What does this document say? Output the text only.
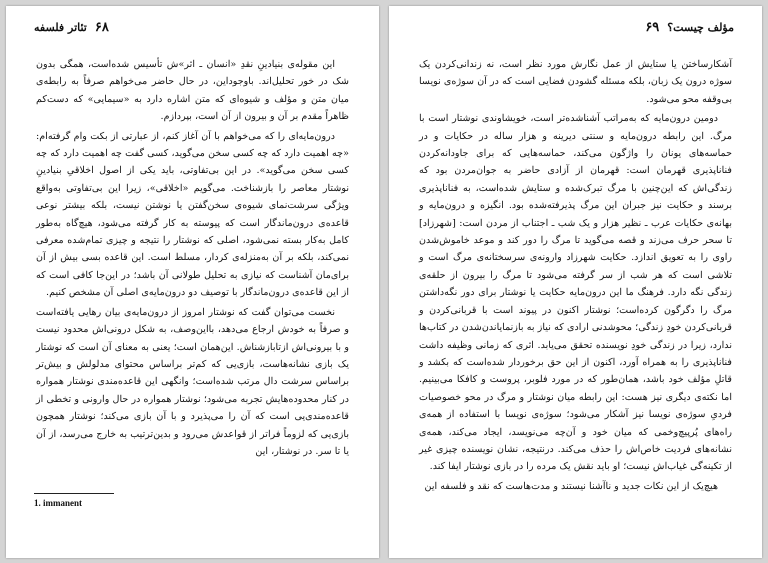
۶۸
تئاتر فلسفه

این مقوله‌ی بنیادینِ نقدِ «انسان ـ اثر»ش تأسیس شده‌است، همگی بدون شک در خور تحلیل‌اند. باوجوداین، در حال حاضر می‌خواهم صرفاً به رابطه‌ی میان متن و مؤلف و شیوه‌ای که متن اشاره دارد به «سیمایی» که دست‌کم ظاهراً مقدم بر آن و بیرون از آن است، بپردازم.

درون‌مایه‌ای را که می‌خواهم با آن آغاز کنم، از عبارتی از بکت وام گرفته‌ام: «چه اهمیت دارد که چه کسی سخن می‌گوید، کسی گفت چه اهمیت دارد که چه کسی سخن می‌گوید». در این بی‌تفاوتی، باید یکی از اصول اخلاقیِ بنیادینِ نوشتار معاصر را بازشناخت. می‌گویم «اخلاقی»، زیرا این بی‌تفاوتی به‌واقع ویژگی سرشت‌نمای شیوه‌ی سخن‌گفتن یا نوشتن نیست، بلکه بیشتر نوعی قاعده‌ی درون‌ماندگار است که پیوسته به کار گرفته می‌شود، هیچ‌گاه به‌طور کامل به‌کار بسته نمی‌شود، اصلی که نوشتار را نتیجه و چیزی تمام‌شده معرفی نمی‌کند، بلکه بر آن به‌منزله‌ی کردار، مسلط است. این قاعده بسی بیش از آن برای‌مان آشناست که نیازی به تحلیل طولانی آن باشد؛ در این‌جا کافی است که از این قاعده‌ی درون‌ماندگار با توصیف دو درون‌مایه‌ی اصلی آن مشخص کنیم.

نخست می‌توان گفت که نوشتار امروز از درون‌مایه‌ی بیان رهایی یافته‌است و صرفاً به خودش ارجاع می‌دهد، بااین‌وصف، به شکل درونی‌اش محدود نیست و با بیرونی‌اش ازتابازشناش. این‌همان است؛ یعنی به معنای آن است که نوشتار یک بازی نشانه‌هاست، بازی‌یی که کم‌تر براساس محتوای مدلولش و بیش‌تر براساس سرشت دال مرتب شده‌است؛ وانگهی این قاعده‌مندی نوشتار همواره در کنار محدوده‌هایش تجربه می‌شود؛ نوشتار همواره در حال وارونی و تخطی از قاعده‌مندی‌یی است که آن را می‌پذیرد و با آن بازی می‌کند؛ نوشتار همچون بازی‌یی که لزوماً فراتر از قواعدش می‌رود و بدین‌ترتیب به خارج می‌رسد، از آن یا تا سر. در نوشتار، این

1. immanent
مؤلف چیست؟
۶۹

آشکارساختن یا ستایش از عمل نگارش مورد نظر است، نه زندانی‌کردن یک سوژه درون یک زبان، بلکه مسئله گشودن فضایی است که در آن سوژه‌ی نویسا بی‌وقفه محو می‌شود.

دومین درون‌مایه که به‌مراتب آشناشده‌تر است، خویشاوندی نوشتار است با مرگ. این رابطه درون‌مایه و سنتی دیرینه و هزار ساله در حکایات و در حماسه‌های یونان را واژگون می‌کند، حماسه‌هایی که برای جاودانه‌کردن فناناپذیری قهرمان است: قهرمان از آزادی حاضر به جوان‌مردن بود که زندگی‌اش که این‌چنین با مرگ تبرک‌شده و ستایش شده‌است، به فناناپذیری برسند و حکایت نیز جبران این مرگ پذیرفته‌شده بود. انگیزه و درون‌مایه و بهانه‌ی حکایات عرب ـ نظیر هزار و یک شب ـ اجتناب از مردن است: [شهرزاد] تا سحر حرف می‌زند و قصه می‌گوید تا مرگ را دور کند و موعد خاموش‌شدن راوی را به تعویق اندازد. حکایت شهرزاد وارونه‌ی سرسختانه‌ی مرگ است و تلاشی است که هر شب از سر گرفته می‌شود تا مرگ را بیرون از حلقه‌ی زندگی نگه دارد. فرهنگ ما این درون‌مایه حکایت یا نوشتار برای دور نگه‌داشتن مرگ را دگرگون کرده‌است؛ نوشتار اکنون در پیوند است با قربانی‌کردن و قربانی‌کردن خودِ زندگی؛ محوشدنی ارادی که نیاز به بازنمایاندن‌شدن در کتاب‌ها ندارد، زیرا در زندگی خودِ نویسنده تحقق می‌یابد. اثری که زمانی وظیفه داشت فناناپذیری را به همراه آورد، اکنون از این حق برخوردار شده‌است که بکشد و قاتلِ مؤلف خود باشد، همان‌طور که در مورد فلوبر، پروست و کافکا می‌بینیم. اما نکته‌ی دیگری نیز هست: این رابطه میان نوشتار و مرگ در محو خصوصیات فردیِ سوژه‌ی نویسا نیز آشکار می‌شود؛ سوژه‌ی نویسا با استفاده از همه‌ی راه‌های پُرپیچ‌وخمی که میان خود و آن‌چه می‌نویسد، ایجاد می‌کند، همه‌ی نشانه‌های فردیت خاص‌اش را حذف می‌کند. درنتیجه، نشان نویسنده چیزی غیر از تکینه‌گی غیاب‌اش نیست؛ او باید نقش یک مرده را در بازی نوشتار ایفا کند.

هیچ‌یک از این نکات جدید و ناآشنا نیستند و مدت‌هاست که نقد و فلسفه این
